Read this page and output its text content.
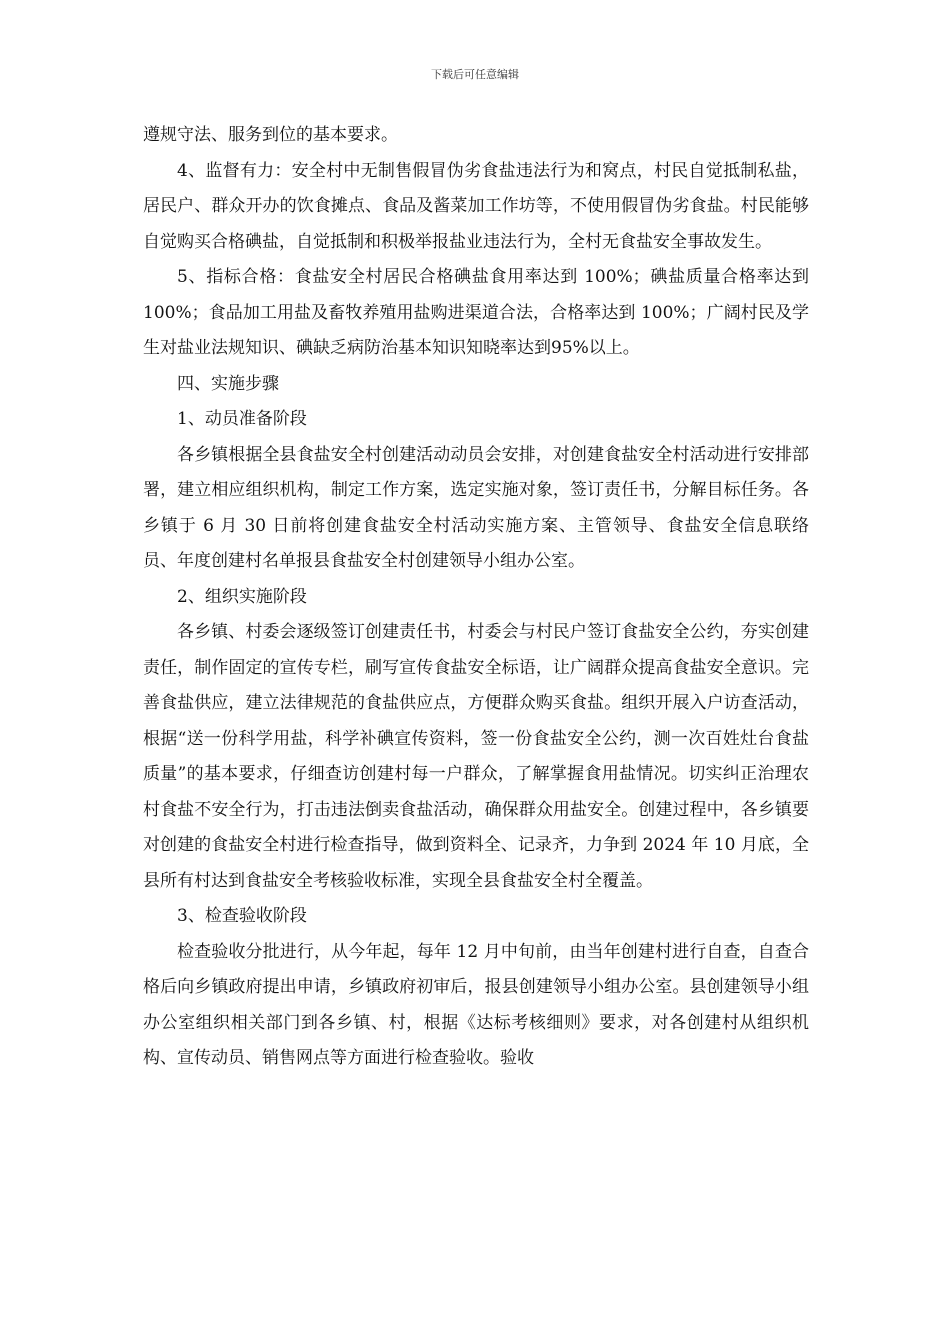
下载后可任意编辑

遵规守法、服务到位的基本要求。

4、监督有力：安全村中无制售假冒伪劣食盐违法行为和窝点，村民自觉抵制私盐，居民户、群众开办的饮食摊点、食品及酱菜加工作坊等，不使用假冒伪劣食盐。村民能够自觉购买合格碘盐，自觉抵制和积极举报盐业违法行为，全村无食盐安全事故发生。

5、指标合格：食盐安全村居民合格碘盐食用率达到 100%；碘盐质量合格率达到 100%；食品加工用盐及畜牧养殖用盐购进渠道合法，合格率达到 100%；广阔村民及学生对盐业法规知识、碘缺乏病防治基本知识知晓率达到95%以上。

四、实施步骤

1、动员准备阶段

各乡镇根据全县食盐安全村创建活动动员会安排，对创建食盐安全村活动进行安排部署，建立相应组织机构，制定工作方案，选定实施对象，签订责任书，分解目标任务。各乡镇于 6 月 30 日前将创建食盐安全村活动实施方案、主管领导、食盐安全信息联络员、年度创建村名单报县食盐安全村创建领导小组办公室。

2、组织实施阶段

各乡镇、村委会逐级签订创建责任书，村委会与村民户签订食盐安全公约，夯实创建责任，制作固定的宣传专栏，刷写宣传食盐安全标语，让广阔群众提高食盐安全意识。完善食盐供应，建立法律规范的食盐供应点，方便群众购买食盐。组织开展入户访查活动，根据“送一份科学用盐，科学补碘宣传资料，签一份食盐安全公约，测一次百姓灶台食盐质量”的基本要求，仔细查访创建村每一户群众，了解掌握食用盐情况。切实纠正治理农村食盐不安全行为，打击违法倒卖食盐活动，确保群众用盐安全。创建过程中，各乡镇要对创建的食盐安全村进行检查指导，做到资料全、记录齐，力争到 2024 年 10 月底，全县所有村达到食盐安全考核验收标准，实现全县食盐安全村全覆盖。

3、检查验收阶段

检查验收分批进行，从今年起，每年 12 月中旬前，由当年创建村进行自查，自查合格后向乡镇政府提出申请，乡镇政府初审后，报县创建领导小组办公室。县创建领导小组办公室组织相关部门到各乡镇、村，根据《达标考核细则》要求，对各创建村从组织机构、宣传动员、销售网点等方面进行检查验收。验收
